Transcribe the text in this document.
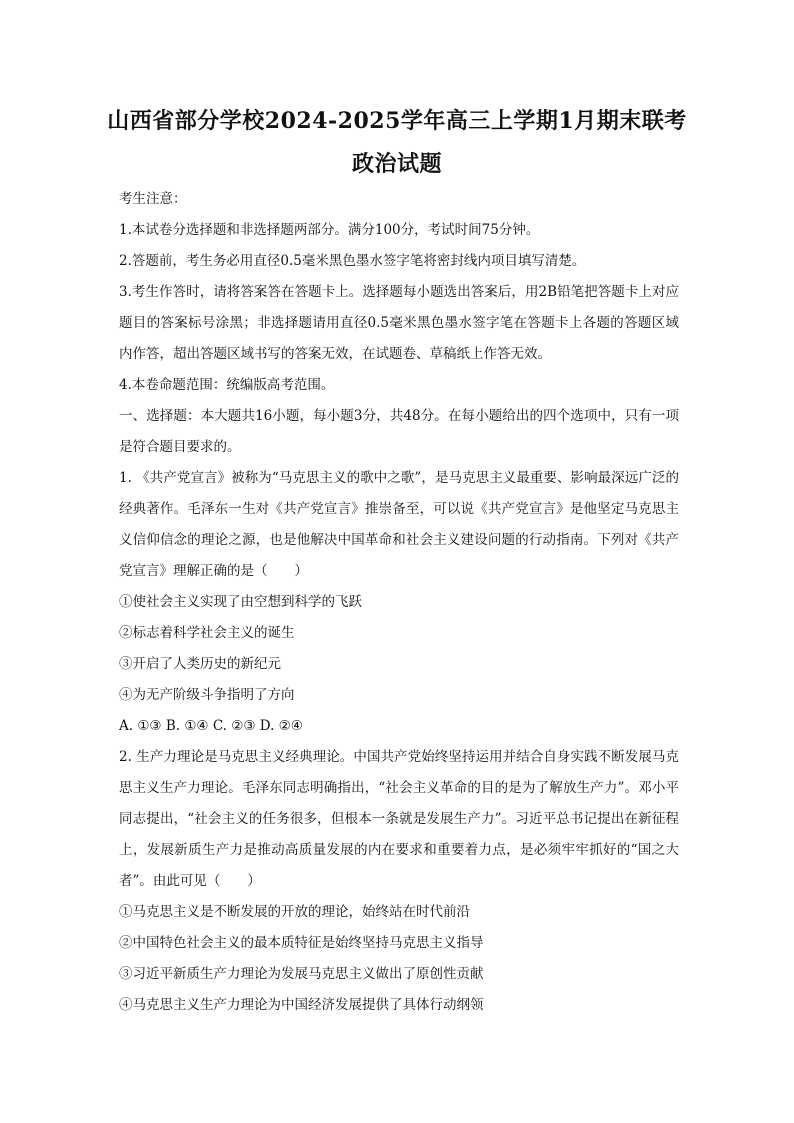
山西省部分学校2024-2025学年高三上学期1月期末联考
政治试题
考生注意：
1.本试卷分选择题和非选择题两部分。满分100分，考试时间75分钟。
2.答题前，考生务必用直径0.5毫米黑色墨水签字笔将密封线内项目填写清楚。
3.考生作答时，请将答案答在答题卡上。选择题每小题选出答案后，用2B铅笔把答题卡上对应题目的答案标号涂黑；非选择题请用直径0.5毫米黑色墨水签字笔在答题卡上各题的答题区域内作答，超出答题区域书写的答案无效，在试题卷、草稿纸上作答无效。
4.本卷命题范围：统编版高考范围。
一、选择题：本大题共16小题，每小题3分，共48分。在每小题给出的四个选项中，只有一项是符合题目要求的。
1. 《共产党宣言》被称为“马克思主义的歌中之歌”，是马克思主义最重要、影响最深远广泛的经典著作。毛泽东一生对《共产党宣言》推崇备至，可以说《共产党宣言》是他坚定马克思主义信仰信念的理论之源，也是他解决中国革命和社会主义建设问题的行动指南。下列对《共产党宣言》理解正确的是（　　）
①使社会主义实现了由空想到科学的飞跃
②标志着科学社会主义的诞生
③开启了人类历史的新纪元
④为无产阶级斗争指明了方向
A. ①③ B. ①④ C. ②③ D. ②④
2. 生产力理论是马克思主义经典理论。中国共产党始终坚持运用并结合自身实践不断发展马克思主义生产力理论。毛泽东同志明确指出，“社会主义革命的目的是为了解放生产力”。邓小平同志提出，“社会主义的任务很多，但根本一条就是发展生产力”。习近平总书记提出在新征程上，发展新质生产力是推动高质量发展的内在要求和重要着力点，是必须牢牢抓好的“国之大者”。由此可见（　　）
①马克思主义是不断发展的开放的理论，始终站在时代前沿
②中国特色社会主义的最本质特征是始终坚持马克思主义指导
③习近平新质生产力理论为发展马克思主义做出了原创性贡献
④马克思主义生产力理论为中国经济发展提供了具体行动纲领
